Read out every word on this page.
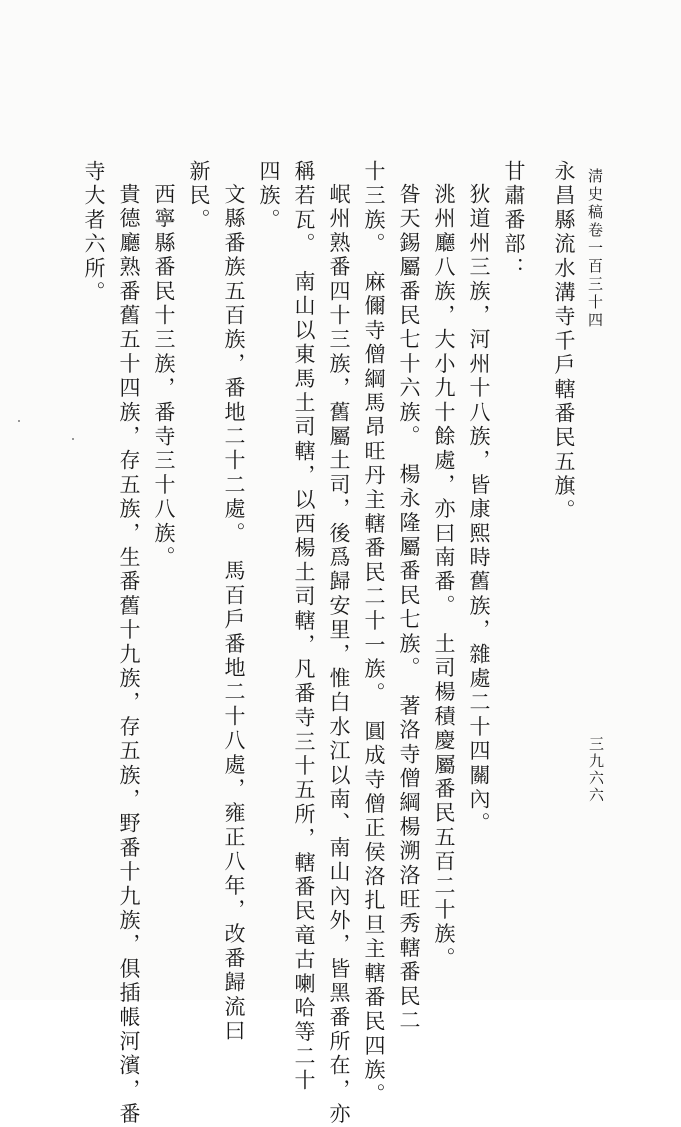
淸史稿卷一百三十四
三九六六
永昌縣流水溝寺千戶轄番民五旗。
甘肅番部：
狄道州三族，河州十八族，皆康熙時舊族，雜處二十四關內。
洮州廳八族，大小九十餘處，亦曰南番。　土司楊積慶屬番民五百二十族。
昝天錫屬番民七十六族。　楊永隆屬番民七族。　著洛寺僧綱楊溯洛旺秀轄番民二
十三族。　麻儞寺僧綱馬昂旺丹主轄番民二十一族。　圓成寺僧正侯洛扎旦主轄番民四族。
岷州熟番四十三族，舊屬土司，後爲歸安里，惟白水江以南、南山內外，皆黑番所在，亦
稱若瓦。　南山以東馬土司轄，以西楊土司轄，凡番寺三十五所，轄番民竜古喇哈等二十
四族。
文縣番族五百族，番地二十二處。　馬百戶番地二十八處，雍正八年，改番歸流曰
新民。
西寧縣番民十三族，番寺三十八族。
貴德廳熟番舊五十四族，存五族，生番舊十九族，存五族，野番十九族，俱插帳河濱，番
寺大者六所。
